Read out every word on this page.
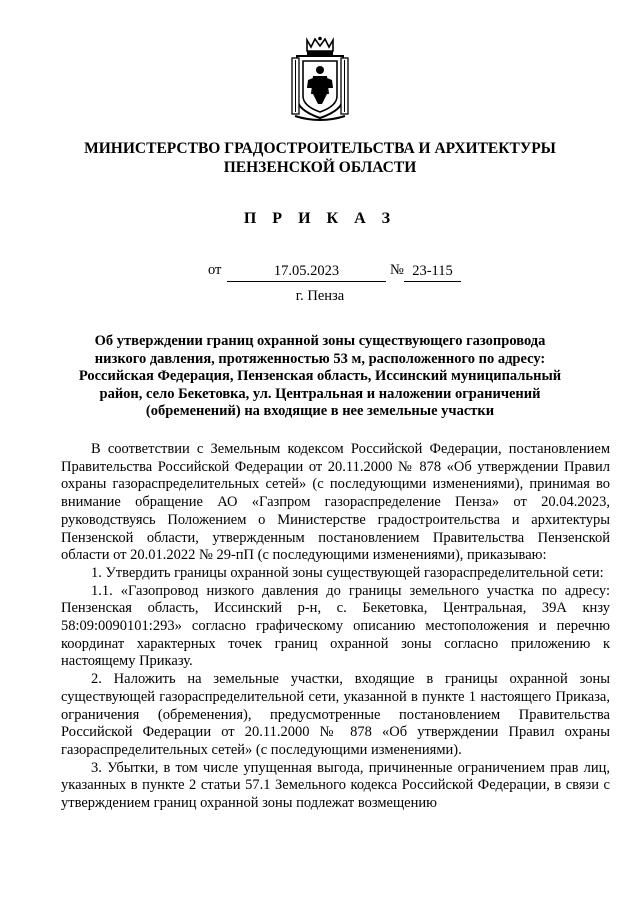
МИНИСТЕРСТВО ГРАДОСТРОИТЕЛЬСТВА И АРХИТЕКТУРЫ
ПЕНЗЕНСКОЙ ОБЛАСТИ
П Р И К А З
от	17.05.2023	№ 23-115
г. Пенза
Об утверждении границ охранной зоны существующего газопровода
низкого давления, протяженностью 53 м, расположенного по адресу:
Российская Федерация, Пензенская область, Иссинский муниципальный
район, село Бекетовка, ул. Центральная и наложении ограничений
(обременений) на входящие в нее земельные участки

В соответствии с Земельным кодексом Российской Федерации, постановлением Правительства Российской Федерации от 20.11.2000 № 878 «Об утверждении Правил охраны газораспределительных сетей» (с последующими изменениями), принимая во внимание обращение АО «Газпром газораспределение Пенза» от 20.04.2023, руководствуясь Положением о Министерстве градостроительства и архитектуры Пензенской области, утвержденным постановлением Правительства Пензенской области от 20.01.2022 № 29-пП (с последующими изменениями), приказываю:

1. Утвердить границы охранной зоны существующей газораспределительной сети:

1.1. «Газопровод низкого давления до границы земельного участка по адресу: Пензенская область, Иссинский р-н, с. Бекетовка, Центральная, 39А кнзу 58:09:0090101:293» согласно графическому описанию местоположения и перечню координат характерных точек границ охранной зоны согласно приложению к настоящему Приказу.

2. Наложить на земельные участки, входящие в границы охранной зоны существующей газораспределительной сети, указанной в пункте 1 настоящего Приказа, ограничения (обременения), предусмотренные постановлением Правительства Российской Федерации от 20.11.2000 № 878 «Об утверждении Правил охраны газораспределительных сетей» (с последующими изменениями).

3. Убытки, в том числе упущенная выгода, причиненные ограничением прав лиц, указанных в пункте 2 статьи 57.1 Земельного кодекса Российской Федерации, в связи с утверждением границ охранной зоны подлежат возмещению
